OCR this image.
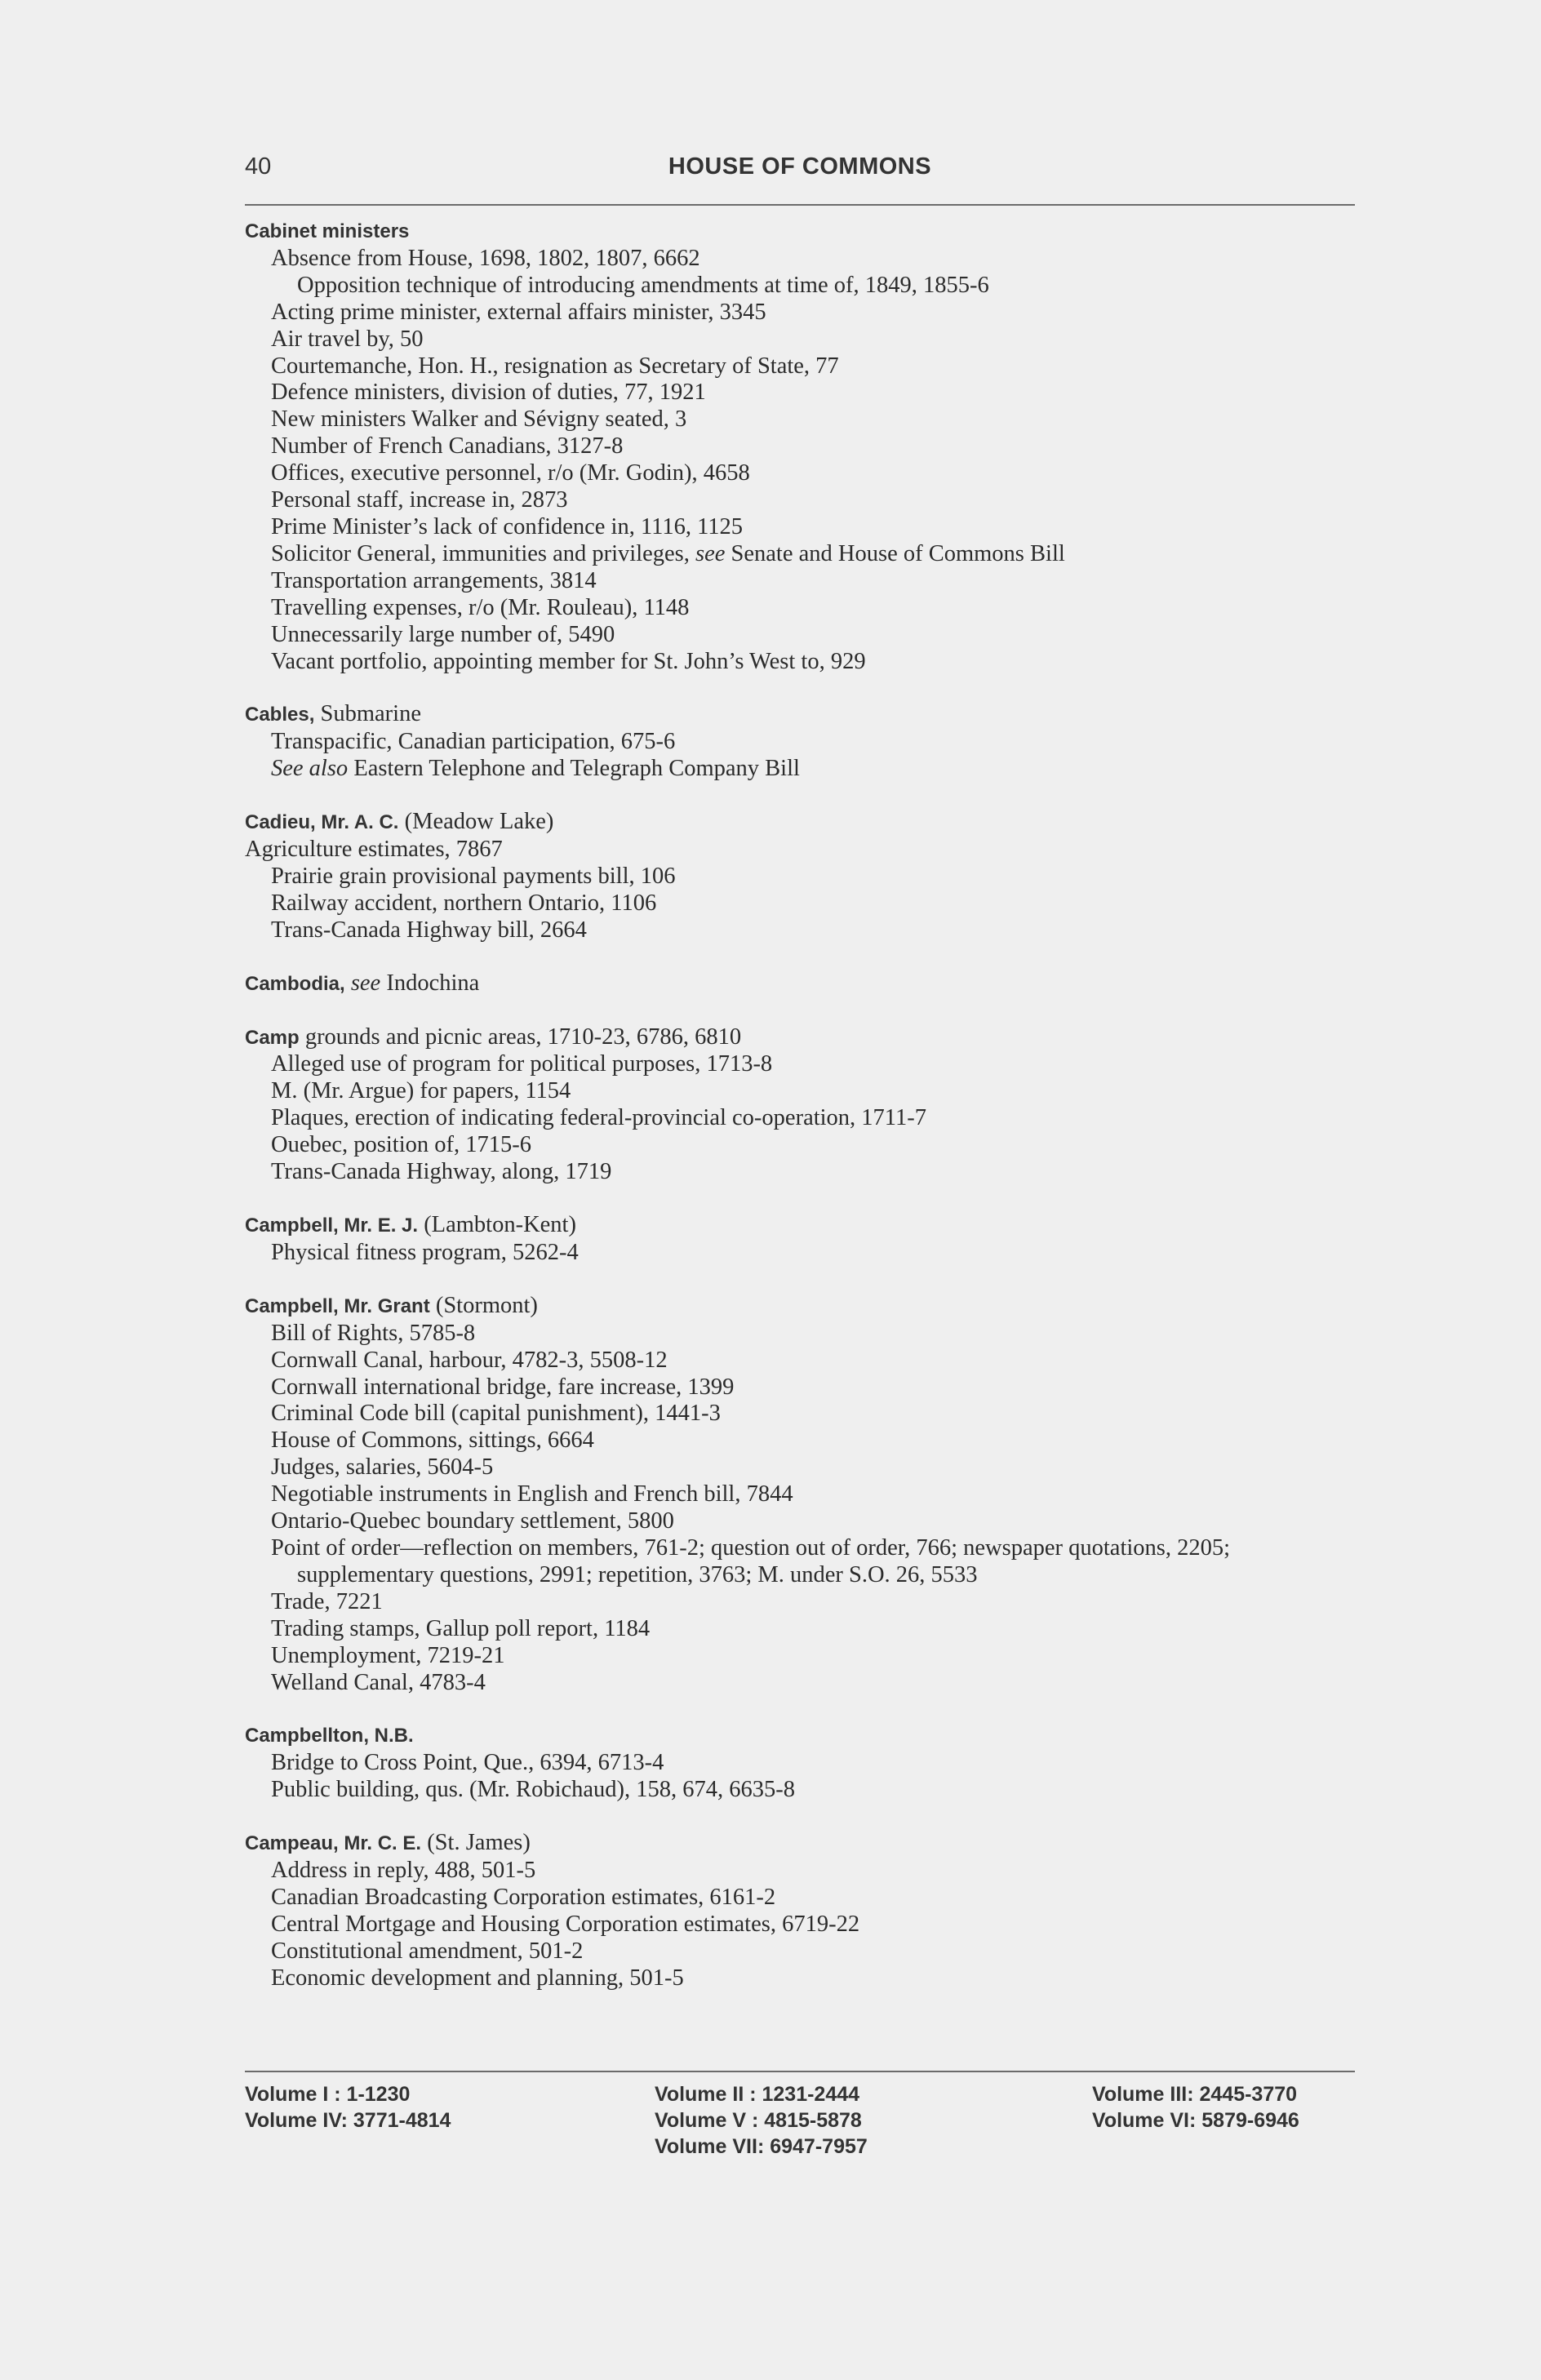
40	HOUSE OF COMMONS
Cabinet ministers
Absence from House, 1698, 1802, 1807, 6662
Opposition technique of introducing amendments at time of, 1849, 1855-6
Acting prime minister, external affairs minister, 3345
Air travel by, 50
Courtemanche, Hon. H., resignation as Secretary of State, 77
Defence ministers, division of duties, 77, 1921
New ministers Walker and Sévigny seated, 3
Number of French Canadians, 3127-8
Offices, executive personnel, r/o (Mr. Godin), 4658
Personal staff, increase in, 2873
Prime Minister’s lack of confidence in, 1116, 1125
Solicitor General, immunities and privileges, see Senate and House of Commons Bill
Transportation arrangements, 3814
Travelling expenses, r/o (Mr. Rouleau), 1148
Unnecessarily large number of, 5490
Vacant portfolio, appointing member for St. John’s West to, 929
Cables, Submarine
Transpacific, Canadian participation, 675-6
See also Eastern Telephone and Telegraph Company Bill
Cadieu, Mr. A. C. (Meadow Lake)
Agriculture estimates, 7867
Prairie grain provisional payments bill, 106
Railway accident, northern Ontario, 1106
Trans-Canada Highway bill, 2664
Cambodia, see Indochina
Camp grounds and picnic areas, 1710-23, 6786, 6810
Alleged use of program for political purposes, 1713-8
M. (Mr. Argue) for papers, 1154
Plaques, erection of indicating federal-provincial co-operation, 1711-7
Ouebec, position of, 1715-6
Trans-Canada Highway, along, 1719
Campbell, Mr. E. J. (Lambton-Kent)
Physical fitness program, 5262-4
Campbell, Mr. Grant (Stormont)
Bill of Rights, 5785-8
Cornwall Canal, harbour, 4782-3, 5508-12
Cornwall international bridge, fare increase, 1399
Criminal Code bill (capital punishment), 1441-3
House of Commons, sittings, 6664
Judges, salaries, 5604-5
Negotiable instruments in English and French bill, 7844
Ontario-Quebec boundary settlement, 5800
Point of order—reflection on members, 761-2; question out of order, 766; newspaper quotations, 2205; supplementary questions, 2991; repetition, 3763; M. under S.O. 26, 5533
Trade, 7221
Trading stamps, Gallup poll report, 1184
Unemployment, 7219-21
Welland Canal, 4783-4
Campbellton, N.B.
Bridge to Cross Point, Que., 6394, 6713-4
Public building, qus. (Mr. Robichaud), 158, 674, 6635-8
Campeau, Mr. C. E. (St. James)
Address in reply, 488, 501-5
Canadian Broadcasting Corporation estimates, 6161-2
Central Mortgage and Housing Corporation estimates, 6719-22
Constitutional amendment, 501-2
Economic development and planning, 501-5
Volume I : 1-1230
Volume IV: 3771-4814
Volume II : 1231-2444
Volume V : 4815-5878
Volume VII: 6947-7957
Volume III: 2445-3770
Volume VI: 5879-6946
